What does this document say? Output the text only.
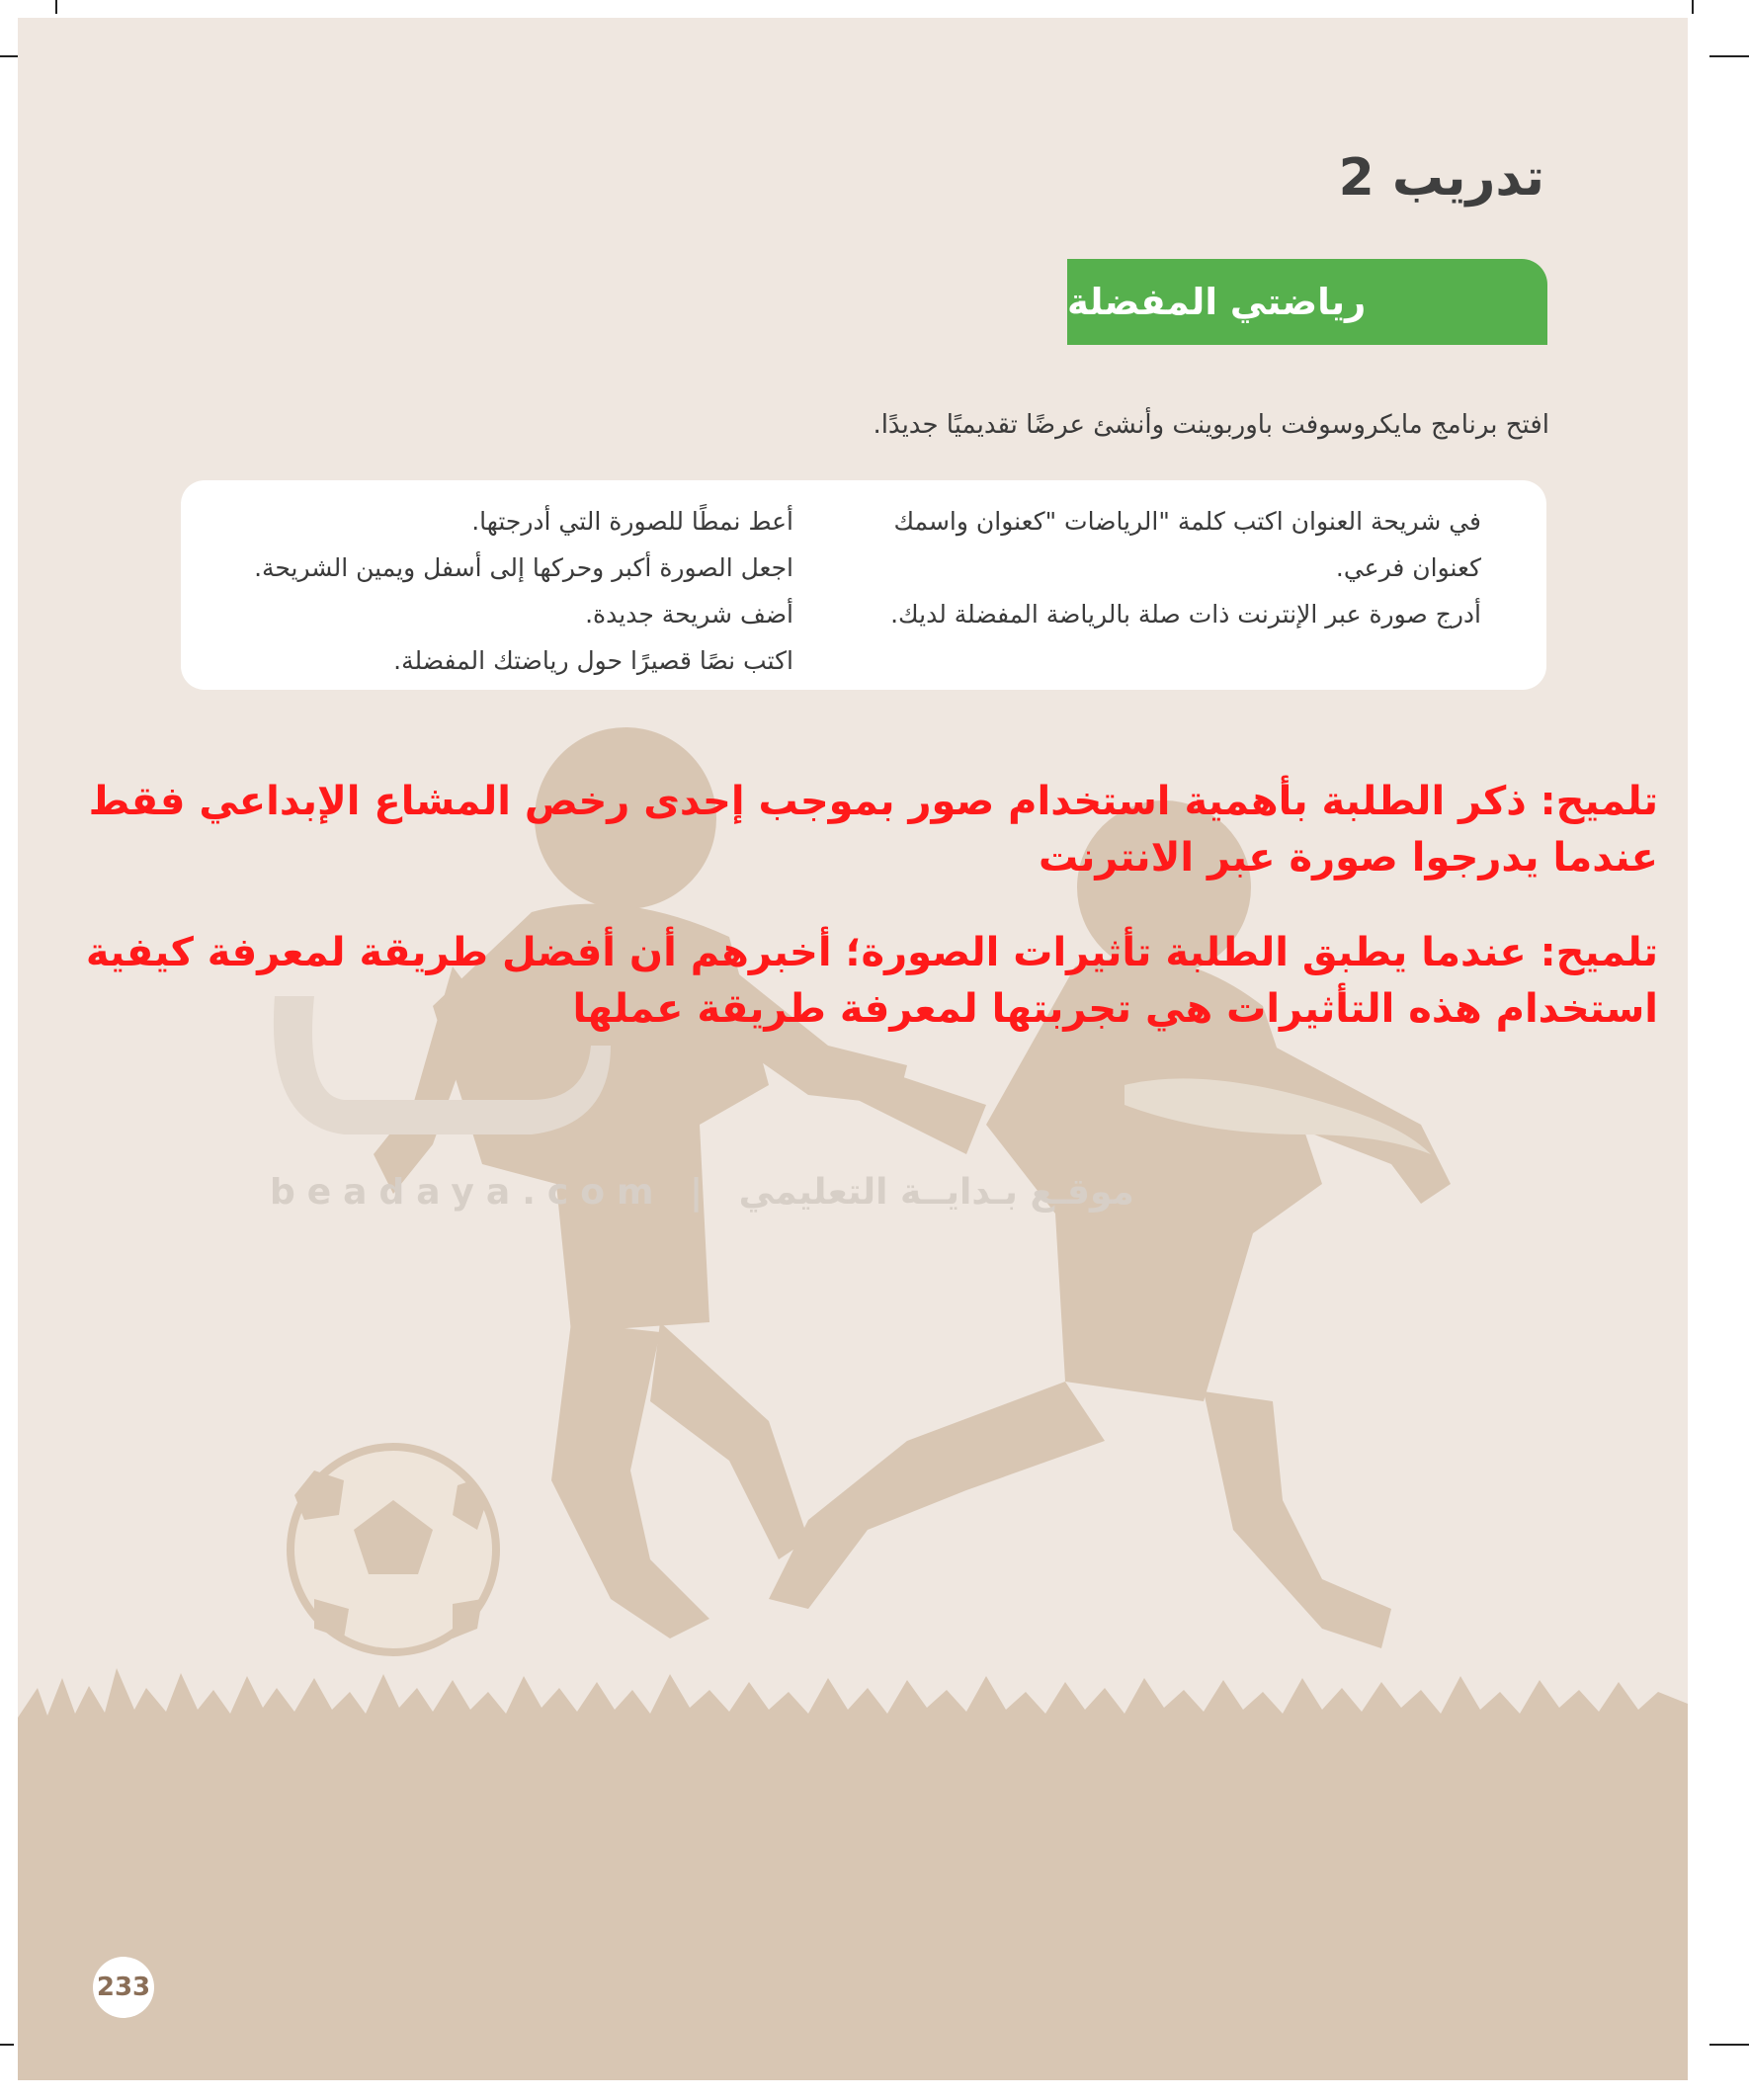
تدريب 2
رياضتي المفضلة
افتح برنامج مايكروسوفت باوربوينت وأنشئ عرضًا تقديميًا جديدًا.

في شريحة العنوان اكتب كلمة "الرياضات "كعنوان واسمك كعنوان فرعي.

أدرج صورة عبر الإنترنت ذات صلة بالرياضة المفضلة لديك.

أعط نمطًا للصورة التي أدرجتها.

اجعل الصورة أكبر وحركها إلى أسفل ويمين الشريحة.

أضف شريحة جديدة.

اكتب نصًا قصيرًا حول رياضتك المفضلة.

تلميح: ذكر الطلبة بأهمية استخدام صور بموجب إحدى رخص المشاع الإبداعي فقط عندما يدرجوا صورة عبر الانترنت
تلميح: عندما يطبق الطلبة تأثيرات الصورة؛ أخبرهم أن أفضل طريقة لمعرفة كيفية استخدام هذه التأثيرات هي تجربتها لمعرفة طريقة عملها
beadaya.com | موقـع بـدايــة التعليمي
233
